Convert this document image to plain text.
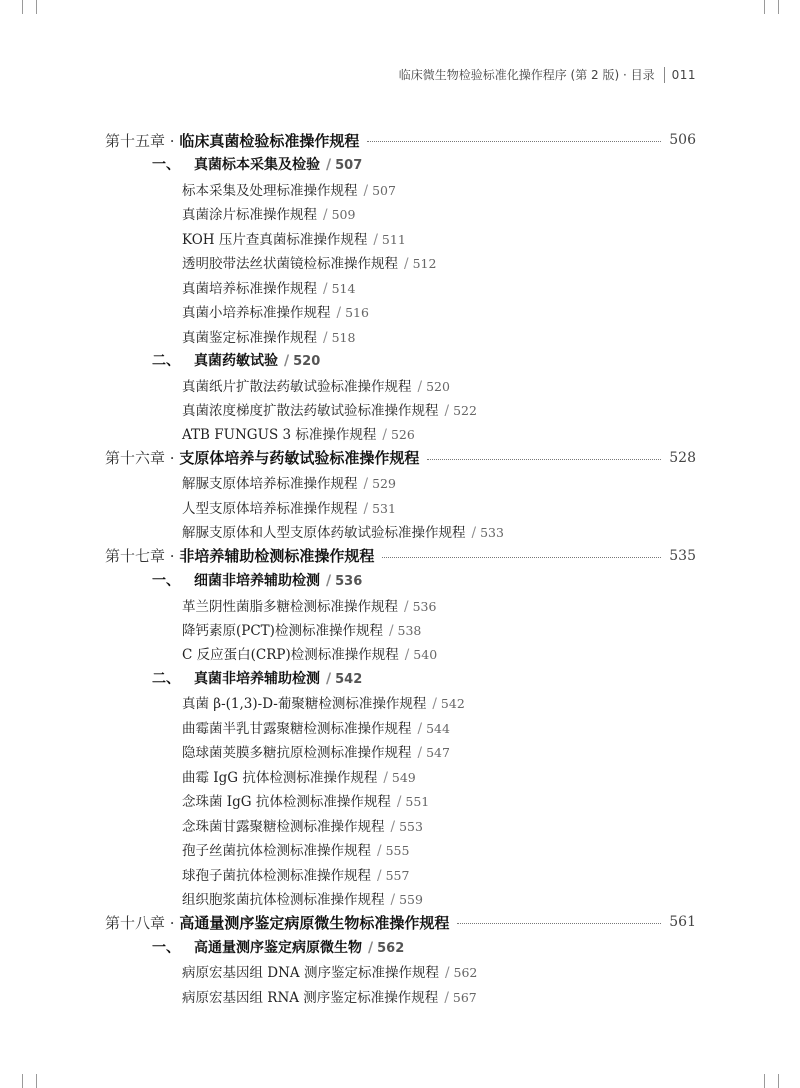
临床微生物检验标准化操作程序 (第 2 版) · 目录 011
第十五章 · 临床真菌检验标准操作规程	506
一、 真菌标本采集及检验 / 507
标本采集及处理标准操作规程 / 507
真菌涂片标准操作规程 / 509
KOH 压片查真菌标准操作规程 / 511
透明胶带法丝状菌镜检标准操作规程 / 512
真菌培养标准操作规程 / 514
真菌小培养标准操作规程 / 516
真菌鉴定标准操作规程 / 518
二、 真菌药敏试验 / 520
真菌纸片扩散法药敏试验标准操作规程 / 520
真菌浓度梯度扩散法药敏试验标准操作规程 / 522
ATB FUNGUS 3 标准操作规程 / 526
第十六章 · 支原体培养与药敏试验标准操作规程	528
解脲支原体培养标准操作规程 / 529
人型支原体培养标准操作规程 / 531
解脲支原体和人型支原体药敏试验标准操作规程 / 533
第十七章 · 非培养辅助检测标准操作规程	535
一、 细菌非培养辅助检测 / 536
革兰阴性菌脂多糖检测标准操作规程 / 536
降钙素原(PCT)检测标准操作规程 / 538
C 反应蛋白(CRP)检测标准操作规程 / 540
二、 真菌非培养辅助检测 / 542
真菌 β-(1,3)-D-葡聚糖检测标准操作规程 / 542
曲霉菌半乳甘露聚糖检测标准操作规程 / 544
隐球菌荚膜多糖抗原检测标准操作规程 / 547
曲霉 IgG 抗体检测标准操作规程 / 549
念珠菌 IgG 抗体检测标准操作规程 / 551
念珠菌甘露聚糖检测标准操作规程 / 553
孢子丝菌抗体检测标准操作规程 / 555
球孢子菌抗体检测标准操作规程 / 557
组织胞浆菌抗体检测标准操作规程 / 559
第十八章 · 高通量测序鉴定病原微生物标准操作规程	561
一、 高通量测序鉴定病原微生物 / 562
病原宏基因组 DNA 测序鉴定标准操作规程 / 562
病原宏基因组 RNA 测序鉴定标准操作规程 / 567
